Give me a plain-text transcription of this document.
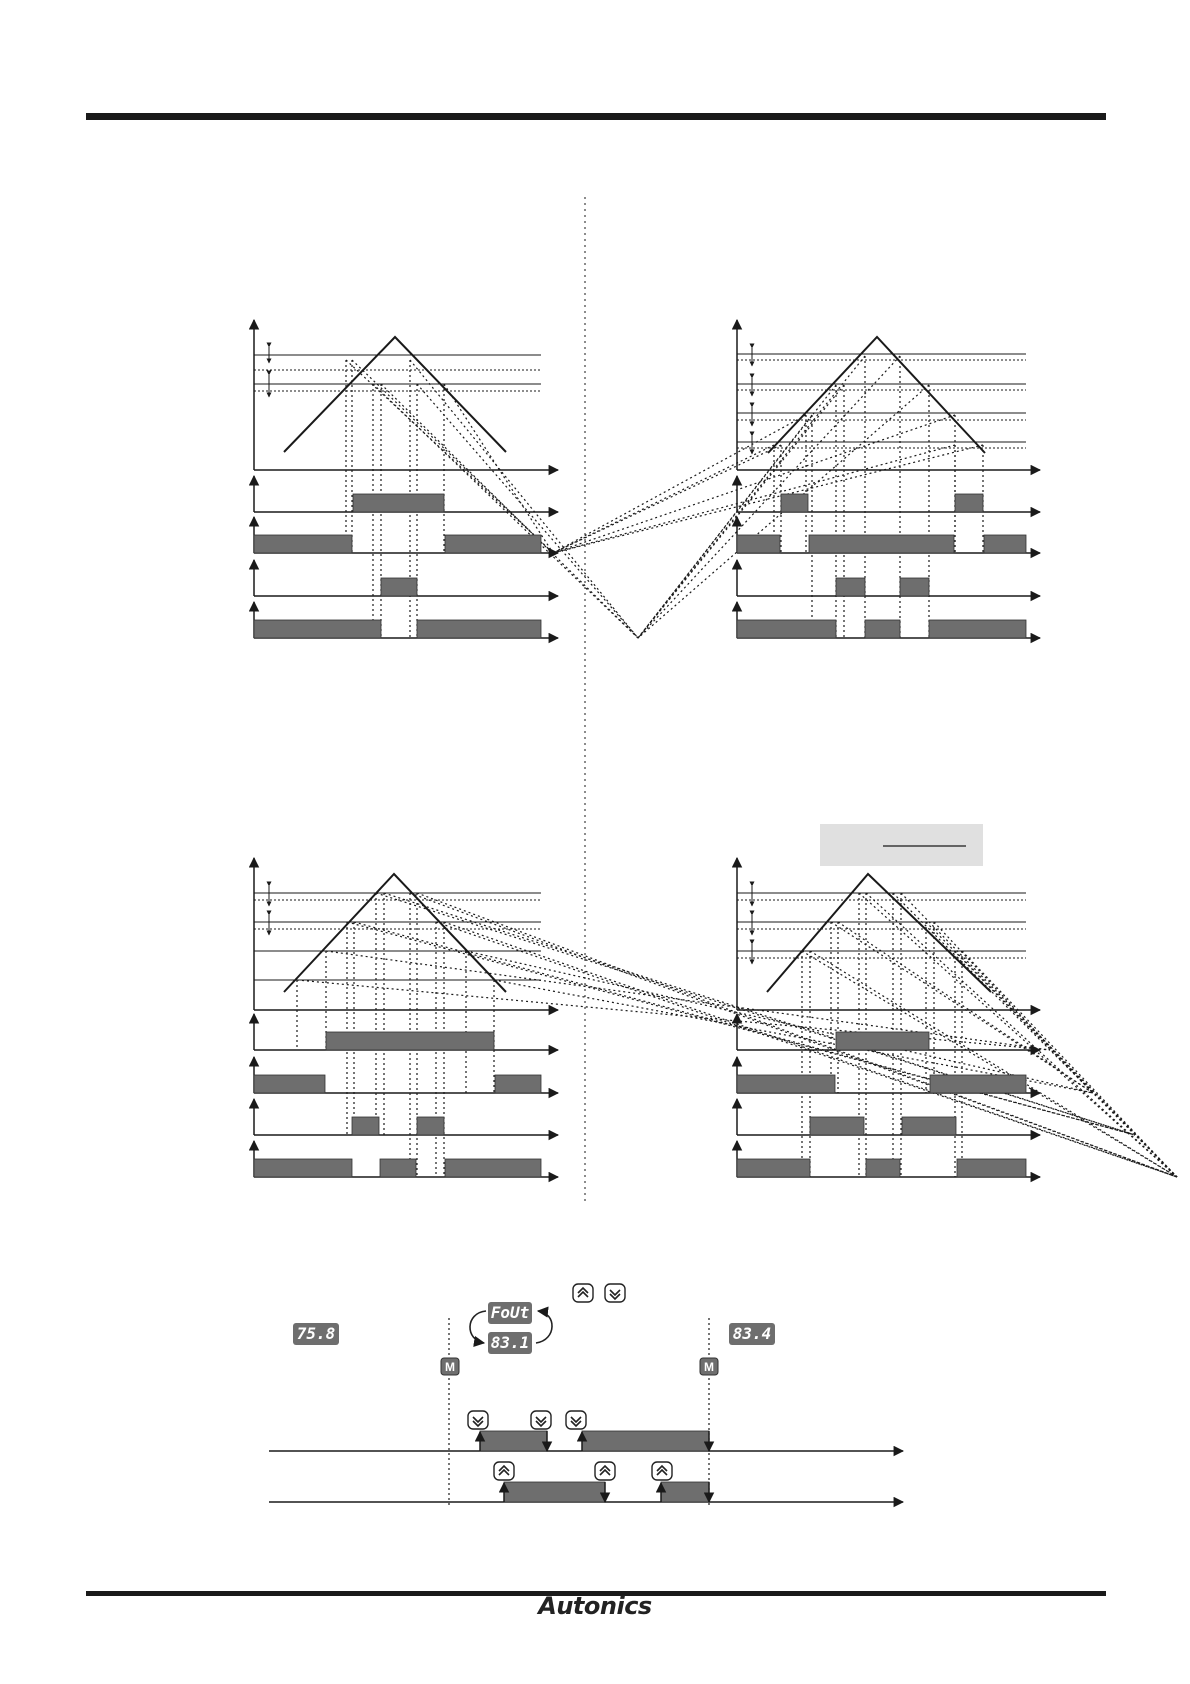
M	M
75.8
FoUt
83.1	83.4
Autonics
